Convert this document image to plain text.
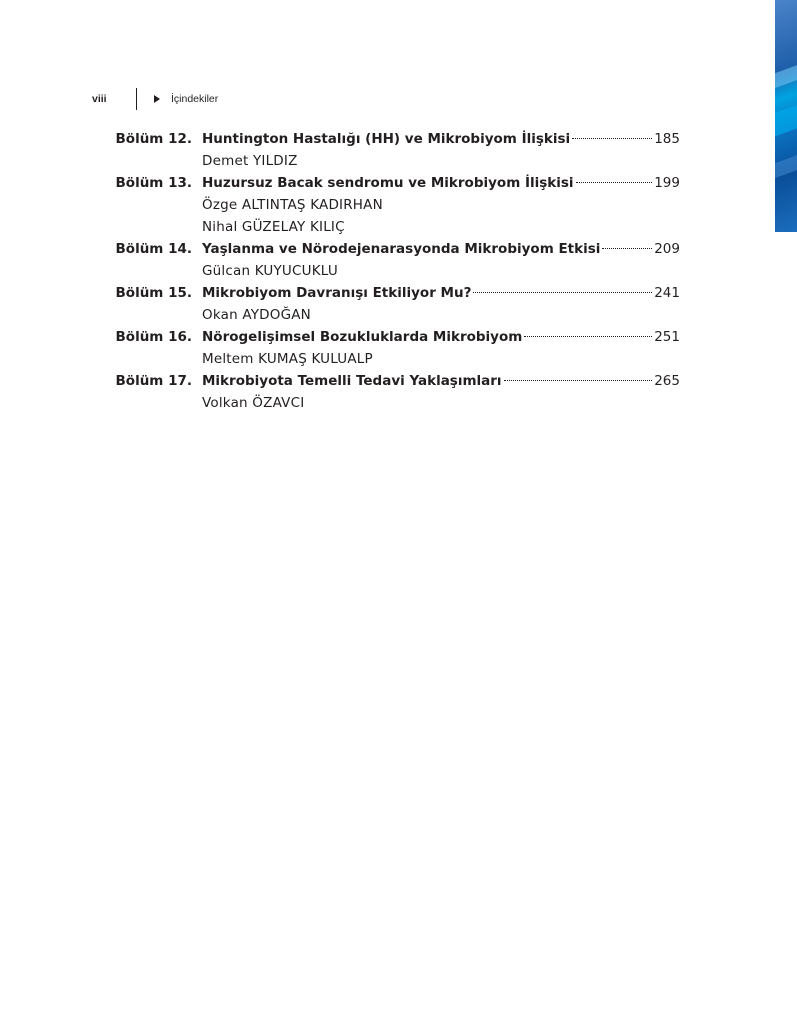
viii	İçindekiler
Bölüm 12. Huntington Hastalığı (HH) ve Mikrobiyom İlişkisi	185
Demet YILDIZ
Bölüm 13. Huzursuz Bacak sendromu ve Mikrobiyom İlişkisi	199
Özge ALTINTAŞ KADIRHAN
Nihal GÜZELAY KILIÇ
Bölüm 14. Yaşlanma ve Nörodejenarasyonda Mikrobiyom Etkisi	209
Gülcan KUYUCUKLU
Bölüm 15. Mikrobiyom Davranışı Etkiliyor Mu?	241
Okan AYDOĞAN
Bölüm 16. Nörogelişimsel Bozukluklarda Mikrobiyom	251
Meltem KUMAŞ KULUALP
Bölüm 17. Mikrobiyota Temelli Tedavi Yaklaşımları	265
Volkan ÖZAVCI
